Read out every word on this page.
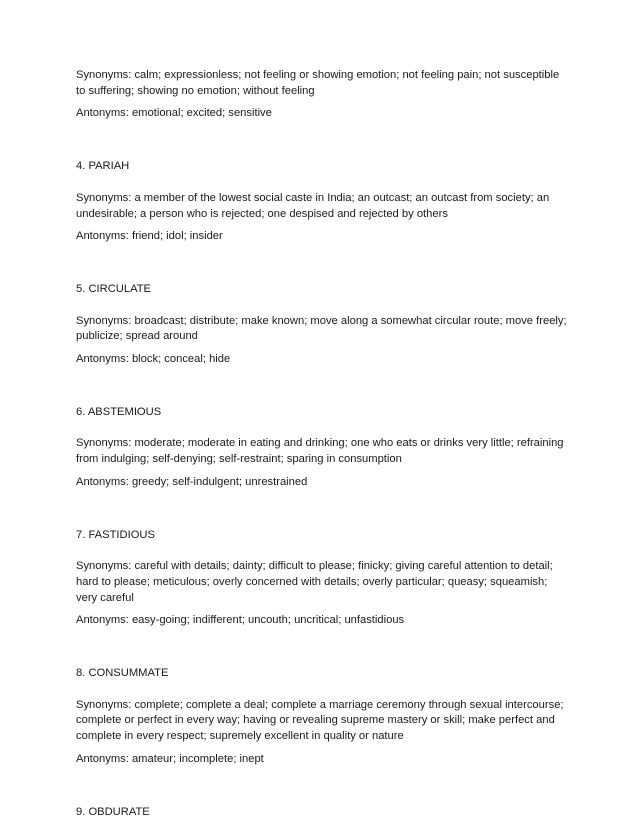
Synonyms: calm; expressionless; not feeling or showing emotion; not feeling pain; not susceptible to suffering; showing no emotion; without feeling

Antonyms: emotional; excited; sensitive

4. PARIAH

Synonyms: a member of the lowest social caste in India; an outcast; an outcast from society; an undesirable; a person who is rejected; one despised and rejected by others

Antonyms: friend; idol; insider

5. CIRCULATE

Synonyms: broadcast; distribute; make known; move along a somewhat circular route; move freely; publicize; spread around

Antonyms: block; conceal; hide

6. ABSTEMIOUS

Synonyms: moderate; moderate in eating and drinking; one who eats or drinks very little; refraining from indulging; self-denying; self-restraint; sparing in consumption

Antonyms: greedy; self-indulgent; unrestrained

7. FASTIDIOUS

Synonyms: careful with details; dainty; difficult to please; finicky; giving careful attention to detail; hard to please; meticulous; overly concerned with details; overly particular; queasy; squeamish; very careful

Antonyms: easy-going; indifferent; uncouth; uncritical; unfastidious

8. CONSUMMATE

Synonyms: complete; complete a deal; complete a marriage ceremony through sexual intercourse; complete or perfect in every way; having or revealing supreme mastery or skill; make perfect and complete in every respect; supremely excellent in quality or nature

Antonyms: amateur; incomplete; inept

9. OBDURATE
